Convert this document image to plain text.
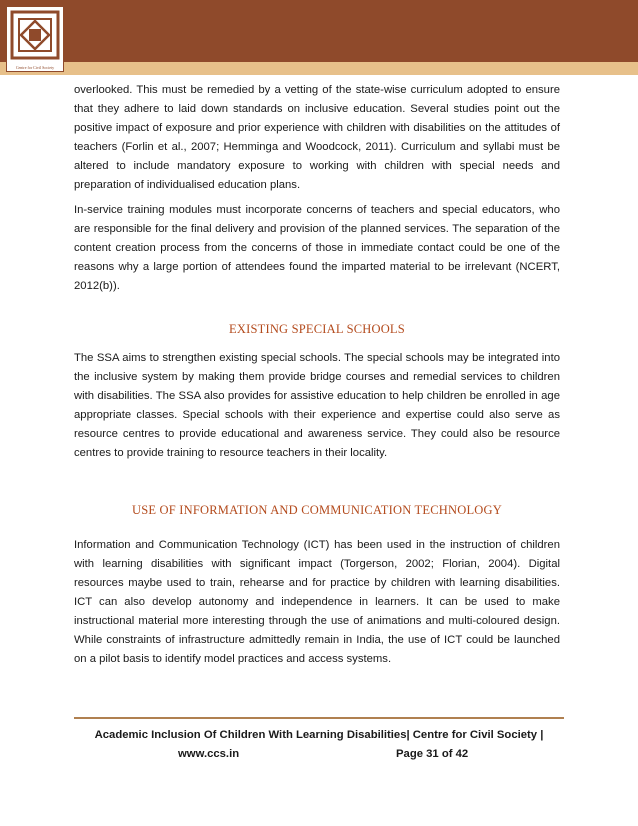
Centre for Civil Society

overlooked. This must be remedied by a vetting of the state-wise curriculum adopted to ensure that they adhere to laid down standards on inclusive education. Several studies point out the positive impact of exposure and prior experience with children with disabilities on the attitudes of teachers (Forlin et al., 2007; Hemminga and Woodcock, 2011). Curriculum and syllabi must be altered to include mandatory exposure to working with children with special needs and preparation of individualised education plans.

In-service training modules must incorporate concerns of teachers and special educators, who are responsible for the final delivery and provision of the planned services. The separation of the content creation process from the concerns of those in immediate contact could be one of the reasons why a large portion of attendees found the imparted material to be irrelevant (NCERT, 2012(b)).

EXISTING SPECIAL SCHOOLS

The SSA aims to strengthen existing special schools. The special schools may be integrated into the inclusive system by making them provide bridge courses and remedial services to children with disabilities. The SSA also provides for assistive education to help children be enrolled in age appropriate classes. Special schools with their experience and expertise could also serve as resource centres to provide educational and awareness service. They could also be resource centres to provide training to resource teachers in their locality.

USE OF INFORMATION AND COMMUNICATION TECHNOLOGY

Information and Communication Technology (ICT) has been used in the instruction of children with learning disabilities with significant impact (Torgerson, 2002; Florian, 2004). Digital resources maybe used to train, rehearse and for practice by children with learning disabilities. ICT can also develop autonomy and independence in learners. It can be used to make instructional material more interesting through the use of animations and multi-coloured design. While constraints of infrastructure admittedly remain in India, the use of ICT could be launched on a pilot basis to identify model practices and access systems.

Academic Inclusion Of Children With Learning Disabilities| Centre for Civil Society |
www.ccs.in	Page 31 of 42
